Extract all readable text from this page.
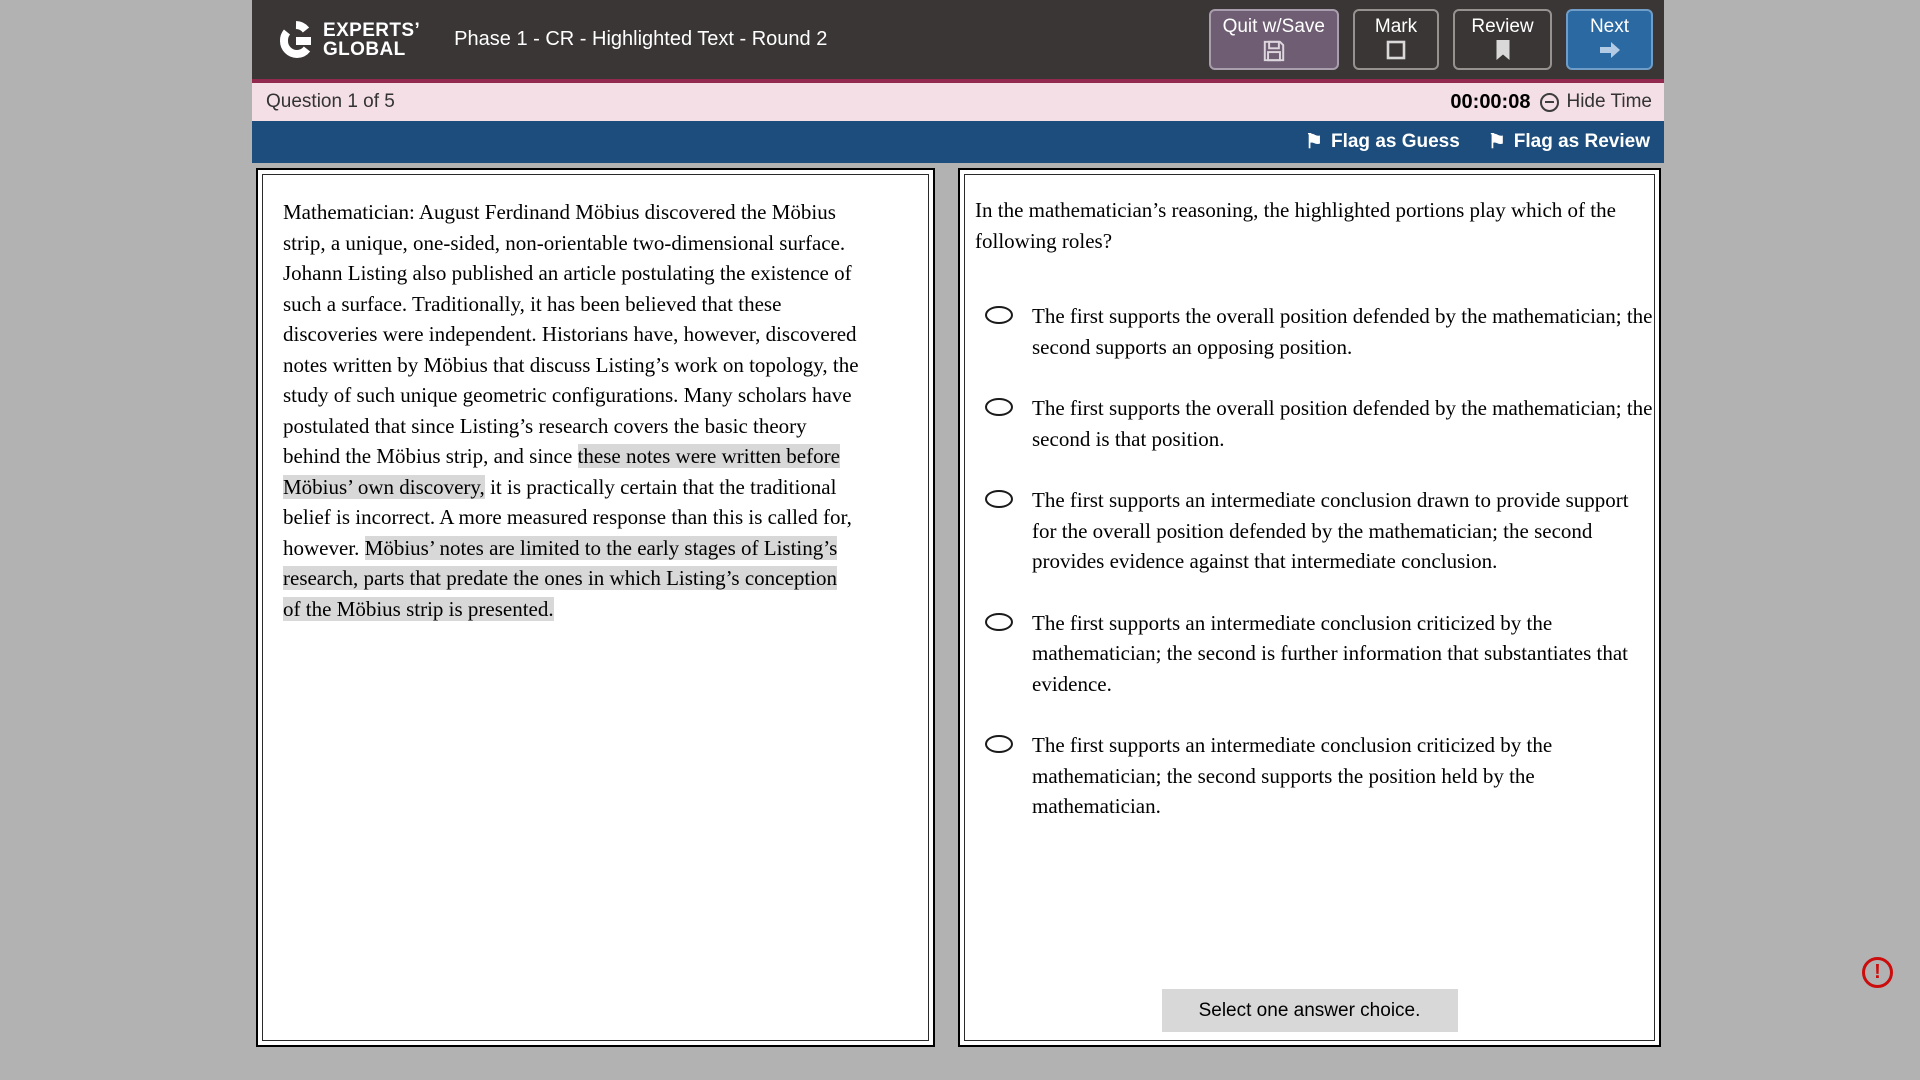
EXPERTS’
GLOBAL	Phase 1 - CR - Highlighted Text - Round 2
Quit w/Save	Mark	Review	Next
Question 1 of 5	00:00:08 Hide Time
⚑ Flag as Guess ⚑ Flag as Review
Mathematician: August Ferdinand Möbius discovered the Möbius
strip, a unique, one-sided, non-orientable two-dimensional surface.
Johann Listing also published an article postulating the existence of
such a surface. Traditionally, it has been believed that these
discoveries were independent. Historians have, however, discovered
notes written by Möbius that discuss Listing’s work on topology, the
study of such unique geometric configurations. Many scholars have
postulated that since Listing’s research covers the basic theory
behind the Möbius strip, and since these notes were written before
Möbius’ own discovery, it is practically certain that the traditional
belief is incorrect. A more measured response than this is called for,
however. Möbius’ notes are limited to the early stages of Listing’s
research, parts that predate the ones in which Listing’s conception
of the Möbius strip is presented.
In the mathematician’s reasoning, the highlighted portions play which of the following roles?
The first supports the overall position defended by the mathematician; the second supports an opposing position.
The first supports the overall position defended by the mathematician; the second is that position.
The first supports an intermediate conclusion drawn to provide support for the overall position defended by the mathematician; the second provides evidence against that intermediate conclusion.
The first supports an intermediate conclusion criticized by the mathematician; the second is further information that substantiates that evidence.
The first supports an intermediate conclusion criticized by the mathematician; the second supports the position held by the mathematician.
Select one answer choice.
!
